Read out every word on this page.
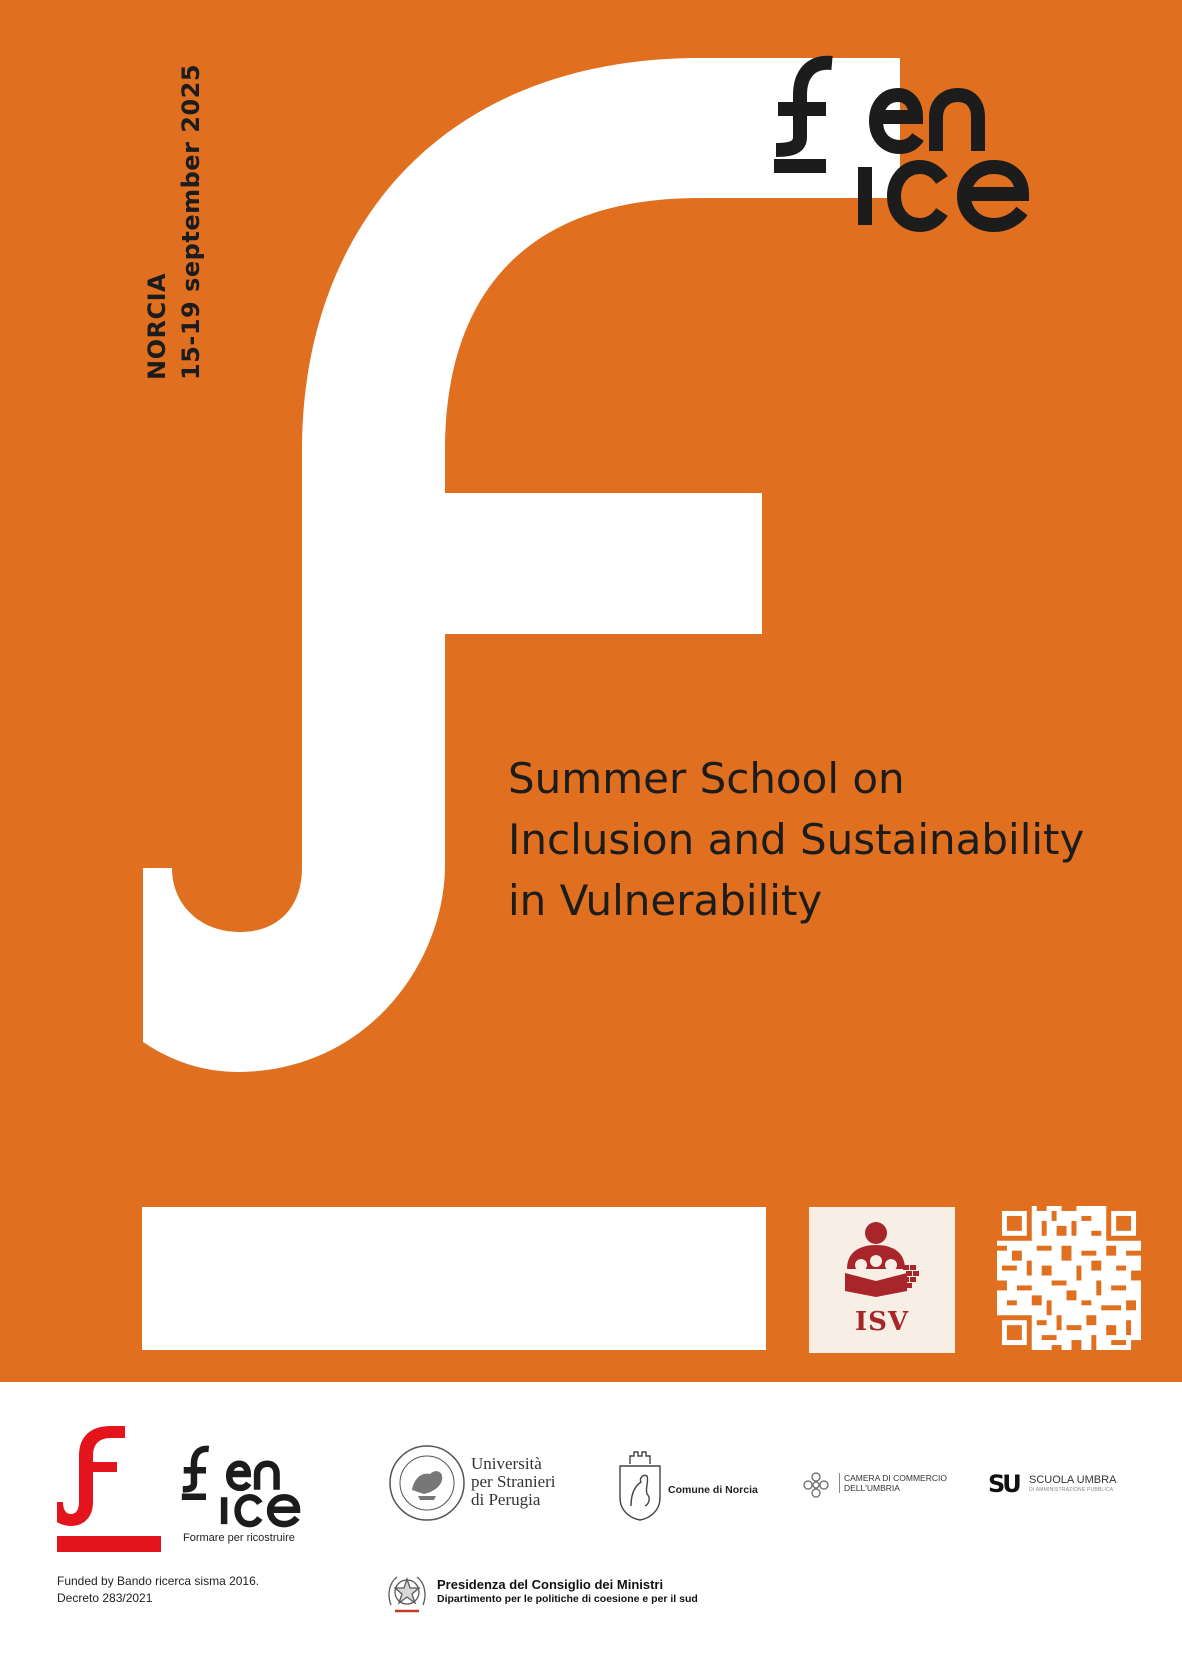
NORCIA 15-19 september 2025
Summer School on
Inclusion and Sustainability
in Vulnerability
ISV
Formare per ricostruire
Università
per Stranieri
di Perugia	Comune di Norcia
CAMERA DI COMMERCIO
DELL'UMBRIA	SU SCUOLA UMBRA
DI AMMINISTRAZIONE PUBBLICA
Funded by Bando ricerca sisma 2016.
Decreto 283/2021
Presidenza del Consiglio dei Ministri
Dipartimento per le politiche di coesione e per il sud
